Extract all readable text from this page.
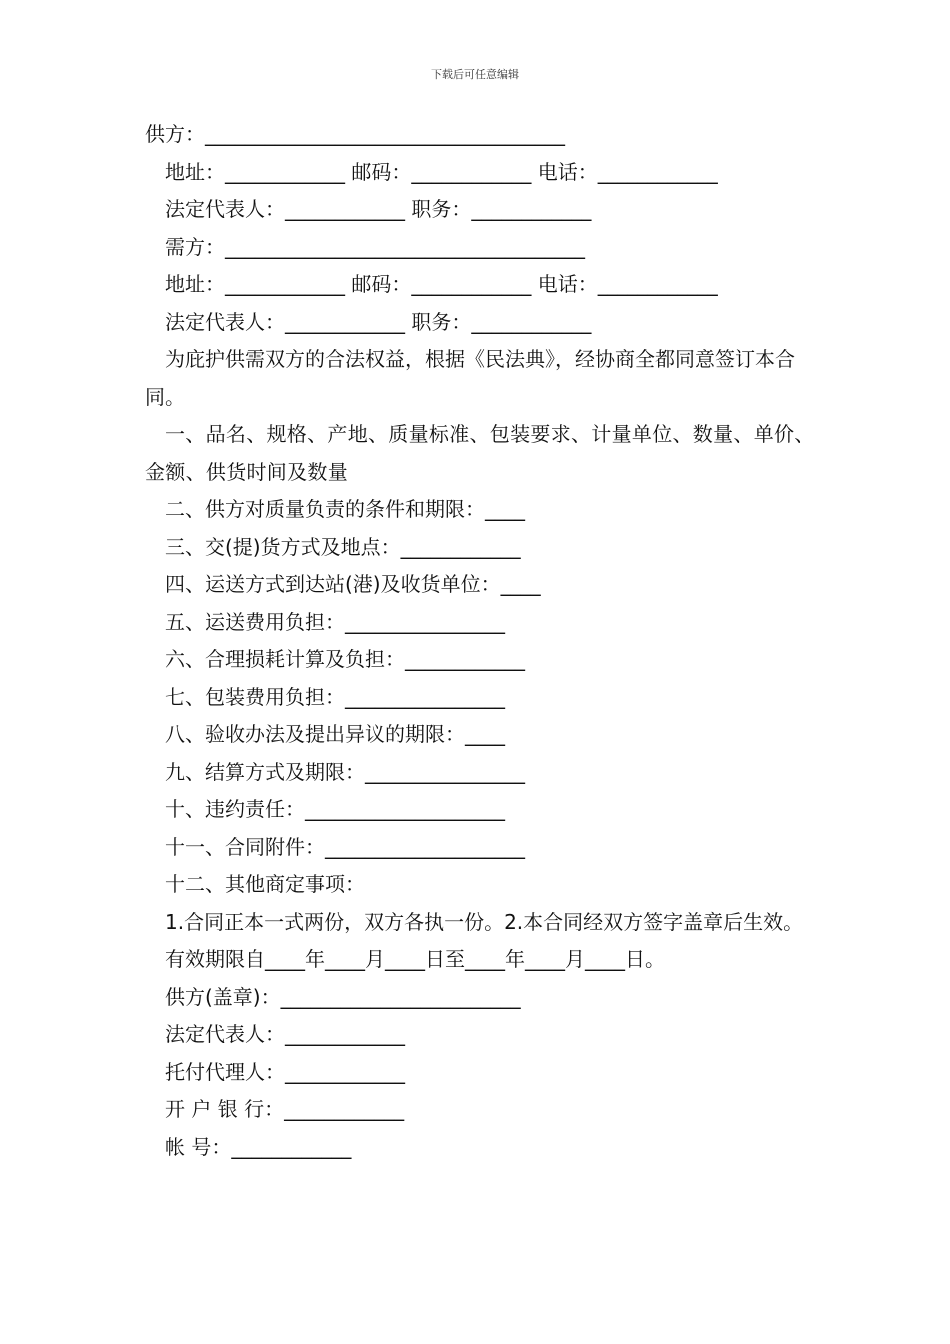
下载后可任意编辑
供方：____________________________________
地址：____________ 邮码：____________ 电话：____________
法定代表人：____________ 职务：____________
需方：____________________________________
地址：____________ 邮码：____________ 电话：____________
法定代表人：____________ 职务：____________
为庇护供需双方的合法权益，根据《民法典》，经协商全都同意签订本合同。
一、品名、规格、产地、质量标准、包装要求、计量单位、数量、单价、金额、供货时间及数量
二、供方对质量负责的条件和期限：____
三、交(提)货方式及地点：____________
四、运送方式到达站(港)及收货单位：____
五、运送费用负担：________________
六、合理损耗计算及负担：____________
七、包装费用负担：________________
八、验收办法及提出异议的期限：____
九、结算方式及期限：________________
十、违约责任：____________________
十一、合同附件：____________________
十二、其他商定事项：
1.合同正本一式两份，双方各执一份。2.本合同经双方签字盖章后生效。
有效期限自____年____月____日至____年____月____日。
供方(盖章)：________________________
法定代表人：____________
托付代理人：____________
开 户 银 行：____________
帐 号：____________
